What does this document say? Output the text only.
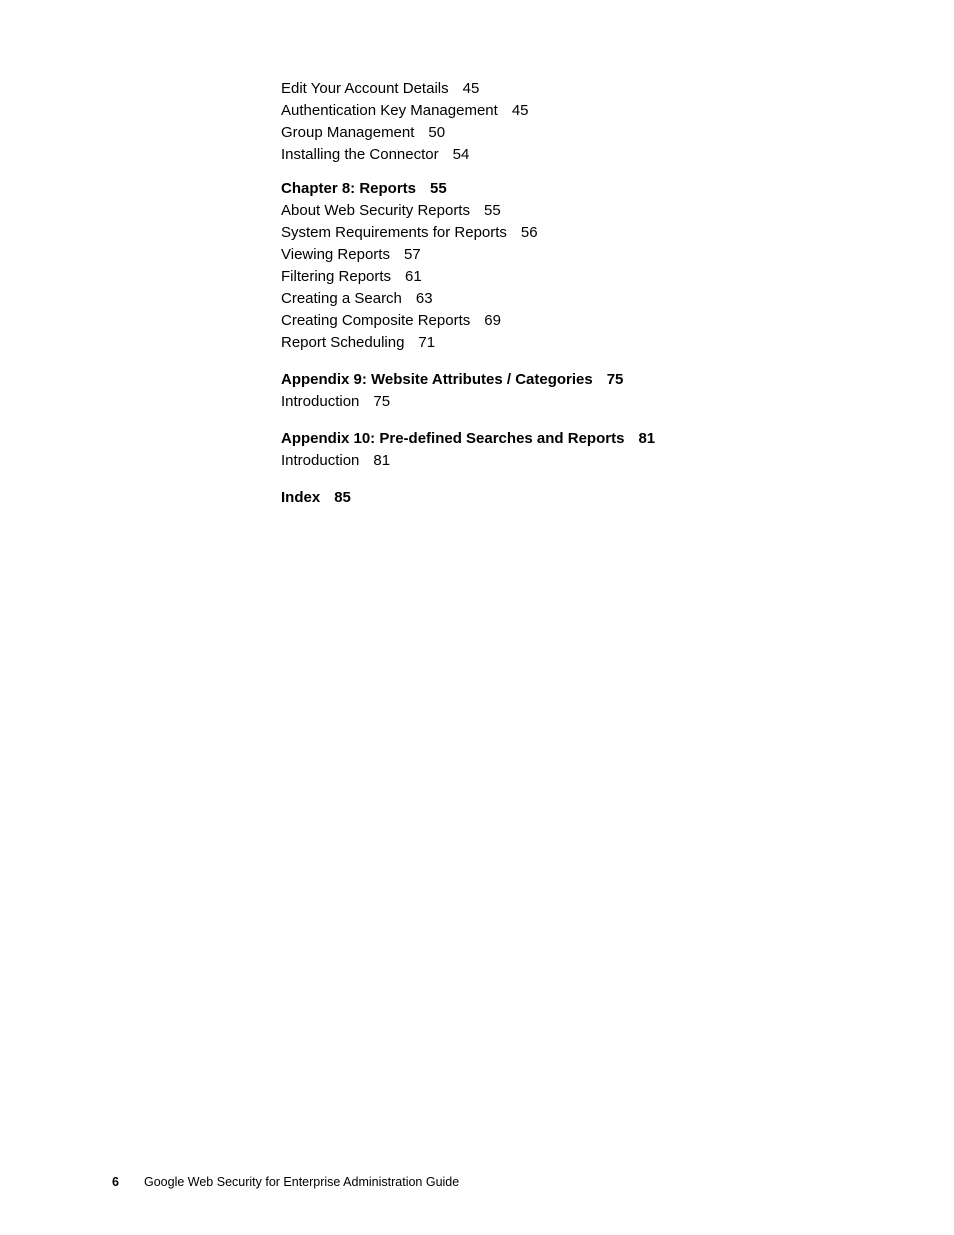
Edit Your Account Details 45
Authentication Key Management 45
Group Management 50
Installing the Connector 54
Chapter 8: Reports 55
About Web Security Reports 55
System Requirements for Reports 56
Viewing Reports 57
Filtering Reports 61
Creating a Search 63
Creating Composite Reports 69
Report Scheduling 71
Appendix 9: Website Attributes / Categories 75
Introduction 75
Appendix 10: Pre-defined Searches and Reports 81
Introduction 81
Index 85
6 Google Web Security for Enterprise Administration Guide
